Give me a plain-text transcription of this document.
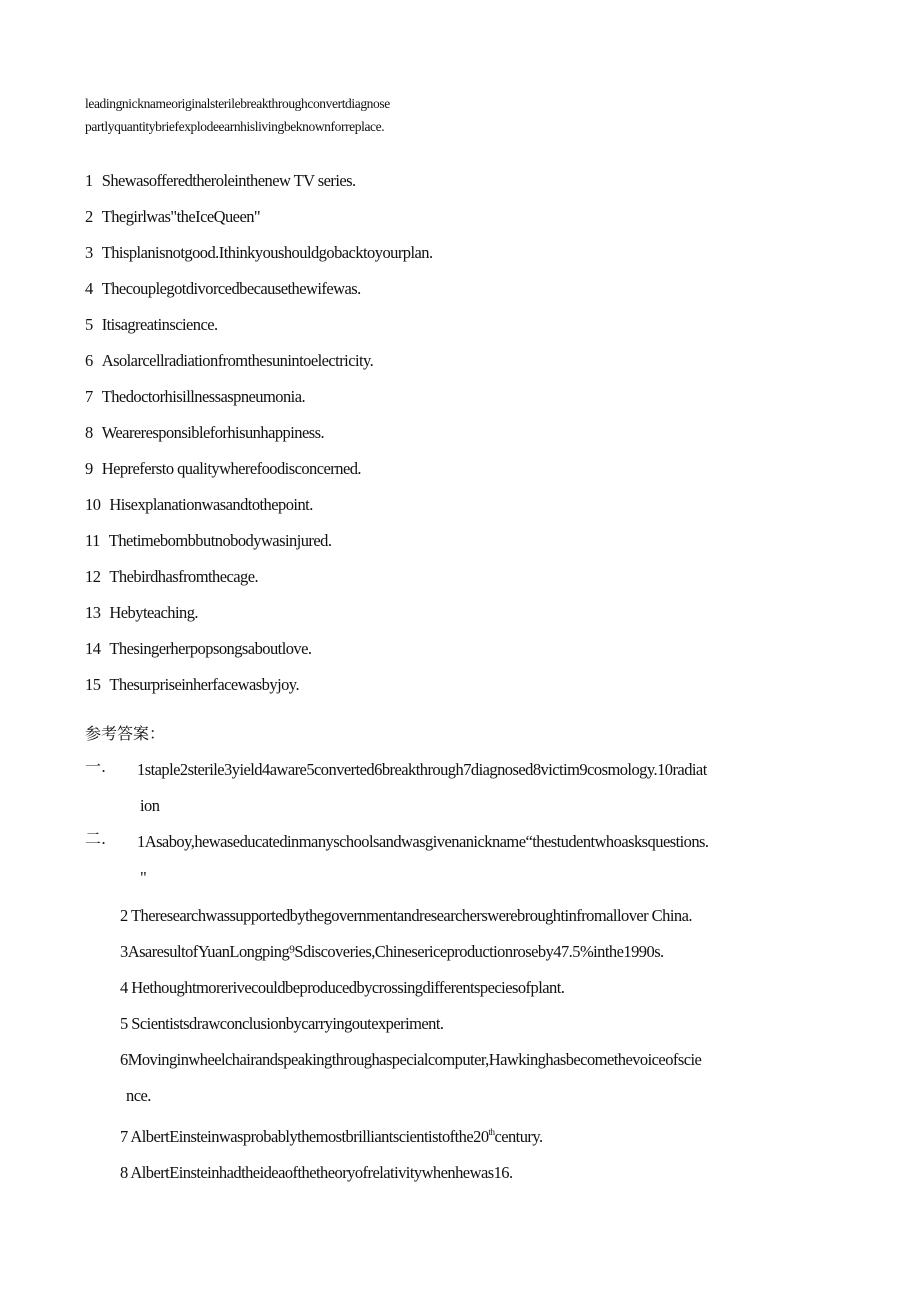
leadingnicknameoriginalsterilebreakthroughconvertdiagnose
partlyquantitybriefexplodeearnhislivingbeknownforreplace.
1 Shewasofferedtheroleinthenew TV series.
2 Thegirlwas"theIceQueen"
3 Thisplanisnotgood.Ithinkyoushouldgobacktoyourplan.
4 Thecouplegotdivorcedbecausethewifewas.
5 Itisagreatinscience.
6 Asolarcellradiationfromthesunintoelectricity.
7 Thedoctorhisillnessaspneumonia.
8 Weareresponsibleforhisunhappiness.
9 Heprefersto qualitywherefoodisconcerned.
10 Hisexplanationwasandtothepoint.
11 Thetimebombbutnobodywasinjured.
12 Thebirdhasfromthecage.
13 Hebyteaching.
14 Thesingerherpopsongsaboutlove.
15 Thesurpriseinherfacewasbyjoy.
参考答案：
一. 1staple2sterile3yield4aware5converted6breakthrough7diagnosed8victim9cosmology.10radiat
ion
二. 1Asaboy,hewaseducatedinmanyschoolsandwasgivenanickname“thestudentwhoasksquestions.
"
2 Theresearchwassupportedbythegovernmentandresearcherswerebroughtinfromallover China.
3AsaresultofYuanLongping⁹Sdiscoveries,Chinesericeproductionroseby47.5%inthe1990s.
4 Hethoughtmorerivecouldbeproducedbycrossingdifferentspeciesofplant.
5 Scientistsdrawconclusionbycarryingoutexperiment.
6Movinginwheelchairandspeakingthroughaspecialcomputer,Hawkinghasbecomethevoiceofscie
nce.
7 AlbertEinsteinwasprobablythemostbrilliantscientistofthe20thcentury.
8 AlbertEinsteinhadtheideaofthetheoryofrelativitywhenhewas16.
